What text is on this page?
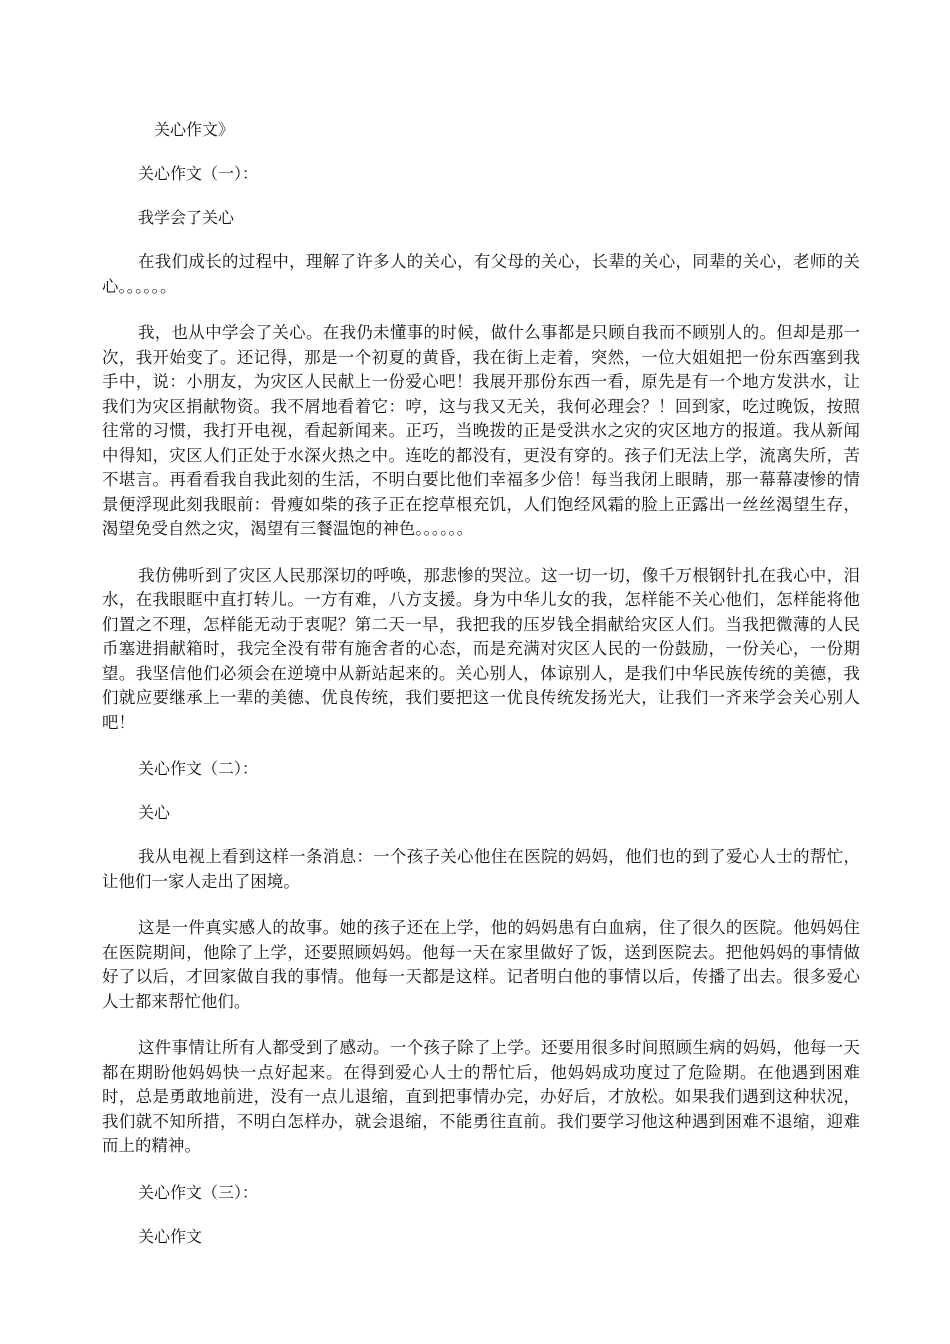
关心作文》
关心作文（一）：
我学会了关心

在我们成长的过程中，理解了许多人的关心，有父母的关心，长辈的关心，同辈的关心，老师的关心。。。。。。

我，也从中学会了关心。在我仍未懂事的时候，做什么事都是只顾自我而不顾别人的。但却是那一次，我开始变了。还记得，那是一个初夏的黄昏，我在街上走着，突然，一位大姐姐把一份东西塞到我手中，说：小朋友，为灾区人民献上一份爱心吧！我展开那份东西一看，原先是有一个地方发洪水，让我们为灾区捐献物资。我不屑地看着它：哼，这与我又无关，我何必理会？！回到家，吃过晚饭，按照往常的习惯，我打开电视，看起新闻来。正巧，当晚拨的正是受洪水之灾的灾区地方的报道。我从新闻中得知，灾区人们正处于水深火热之中。连吃的都没有，更没有穿的。孩子们无法上学，流离失所，苦不堪言。再看看我自我此刻的生活，不明白要比他们幸福多少倍！每当我闭上眼睛，那一幕幕凄惨的情景便浮现此刻我眼前：骨瘦如柴的孩子正在挖草根充饥，人们饱经风霜的脸上正露出一丝丝渴望生存，渴望免受自然之灾，渴望有三餐温饱的神色。。。。。。

我仿佛听到了灾区人民那深切的呼唤，那悲惨的哭泣。这一切一切，像千万根钢针扎在我心中，泪水，在我眼眶中直打转儿。一方有难，八方支援。身为中华儿女的我，怎样能不关心他们，怎样能将他们置之不理，怎样能无动于衷呢？第二天一早，我把我的压岁钱全捐献给灾区人们。当我把微薄的人民币塞进捐献箱时，我完全没有带有施舍者的心态，而是充满对灾区人民的一份鼓励，一份关心，一份期望。我坚信他们必须会在逆境中从新站起来的。关心别人，体谅别人，是我们中华民族传统的美德，我们就应要继承上一辈的美德、优良传统，我们要把这一优良传统发扬光大，让我们一齐来学会关心别人吧！

关心作文（二）：
关心

我从电视上看到这样一条消息：一个孩子关心他住在医院的妈妈，他们也的到了爱心人士的帮忙，让他们一家人走出了困境。

这是一件真实感人的故事。她的孩子还在上学，他的妈妈患有白血病，住了很久的医院。他妈妈住在医院期间，他除了上学，还要照顾妈妈。他每一天在家里做好了饭，送到医院去。把他妈妈的事情做好了以后，才回家做自我的事情。他每一天都是这样。记者明白他的事情以后，传播了出去。很多爱心人士都来帮忙他们。

这件事情让所有人都受到了感动。一个孩子除了上学。还要用很多时间照顾生病的妈妈，他每一天都在期盼他妈妈快一点好起来。在得到爱心人士的帮忙后，他妈妈成功度过了危险期。在他遇到困难时，总是勇敢地前进，没有一点儿退缩，直到把事情办完，办好后，才放松。如果我们遇到这种状况，我们就不知所措，不明白怎样办，就会退缩，不能勇往直前。我们要学习他这种遇到困难不退缩，迎难而上的精神。

关心作文（三）：
关心作文
